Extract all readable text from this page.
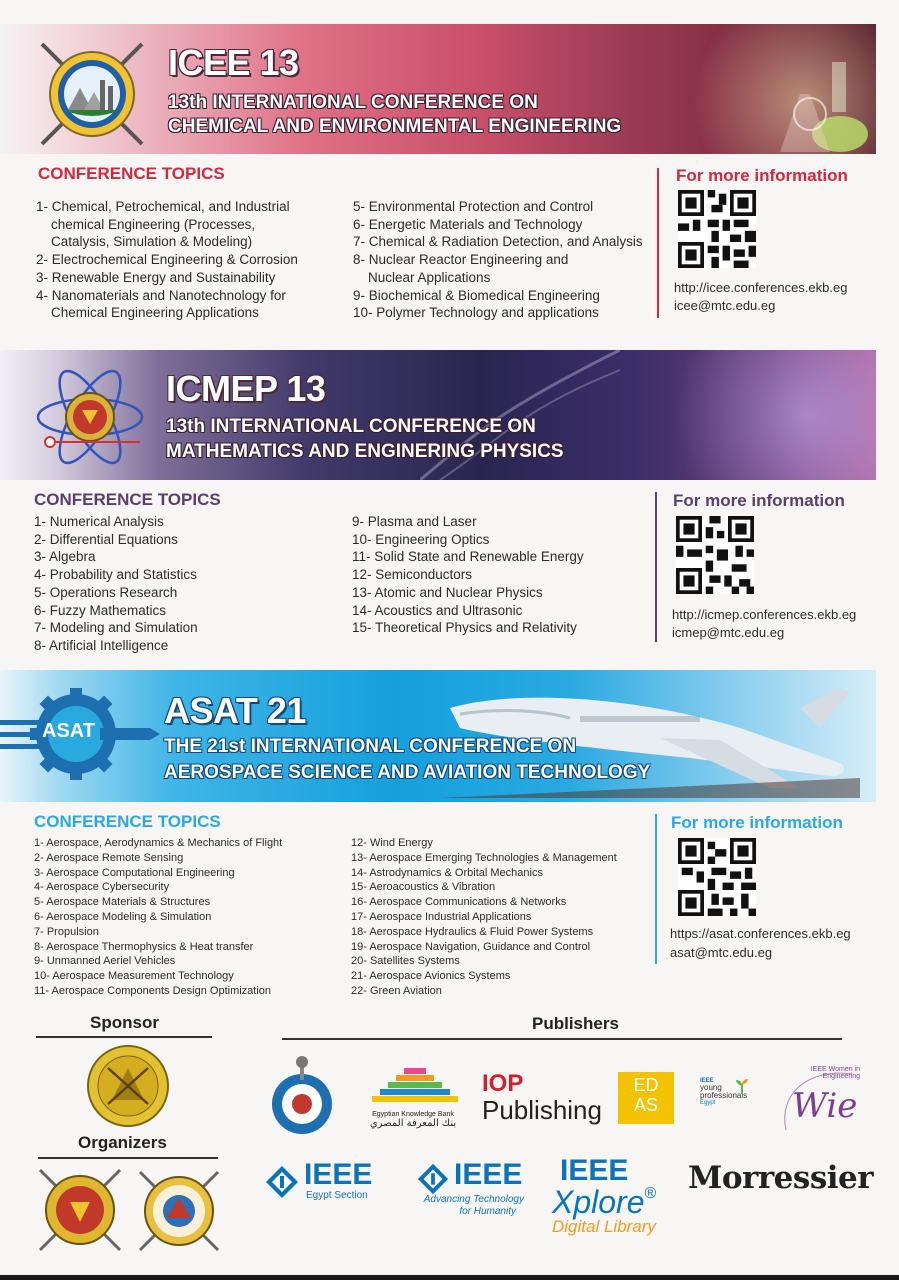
ICEE 13
13th INTERNATIONAL CONFERENCE ON
CHEMICAL AND ENVIRONMENTAL ENGINEERING
CONFERENCE TOPICS
1- Chemical, Petrochemical, and Industrial
chemical Engineering (Processes,
Catalysis, Simulation & Modeling)
2- Electrochemical Engineering & Corrosion
3- Renewable Energy and Sustainability
4- Nanomaterials and Nanotechnology for
Chemical Engineering Applications
5- Environmental Protection and Control
6- Energetic Materials and Technology
7- Chemical & Radiation Detection, and Analysis
8- Nuclear Reactor Engineering and
Nuclear Applications
9- Biochemical & Biomedical Engineering
10- Polymer Technology and applications
For more information
http://icee.conferences.ekb.eg
icee@mtc.edu.eg
ICMEP 13
13th INTERNATIONAL CONFERENCE ON
MATHEMATICS AND ENGINERING PHYSICS
CONFERENCE TOPICS
1- Numerical Analysis
2- Differential Equations
3- Algebra
4- Probability and Statistics
5- Operations Research
6- Fuzzy Mathematics
7- Modeling and Simulation
8- Artificial Intelligence
9- Plasma and Laser
10- Engineering Optics
11- Solid State and Renewable Energy
12- Semiconductors
13- Atomic and Nuclear Physics
14- Acoustics and Ultrasonic
15- Theoretical Physics and Relativity
For more information
http://icmep.conferences.ekb.eg
icmep@mtc.edu.eg
ASAT ASAT 21
THE 21st INTERNATIONAL CONFERENCE ON
AEROSPACE SCIENCE AND AVIATION TECHNOLOGY
CONFERENCE TOPICS
1- Aerospace, Aerodynamics & Mechanics of Flight
2- Aerospace Remote Sensing
3- Aerospace Computational Engineering
4- Aerospace Cybersecurity
5- Aerospace Materials & Structures
6- Aerospace Modeling & Simulation
7- Propulsion
8- Aerospace Thermophysics & Heat transfer
9- Unmanned Aeriel Vehicles
10- Aerospace Measurement Technology
11- Aerospace Components Design Optimization
12- Wind Energy
13- Aerospace Emerging Technologies & Management
14- Astrodynamics & Orbital Mechanics
15- Aeroacoustics & Vibration
16- Aerospace Communications & Networks
17- Aerospace Industrial Applications
18- Aerospace Hydraulics & Fluid Power Systems
19- Aerospace Navigation, Guidance and Control
20- Satellites Systems
21- Aerospace Avionics Systems
22- Green Aviation
For more information
https://asat.conferences.ekb.eg
asat@mtc.edu.eg
Sponsor
Organizers
Publishers
Egyptian Knowledge Bank
بنك المعرفة المصري
IOP
Publishing
ED
AS
IEEE
young
professionals
Egypt
IEEE Women in Engineering
Wie
IEEE
Egypt Section
IEEE
Advancing Technology
for Humanity
IEEE
Xplore®
Digital Library
Morressier
